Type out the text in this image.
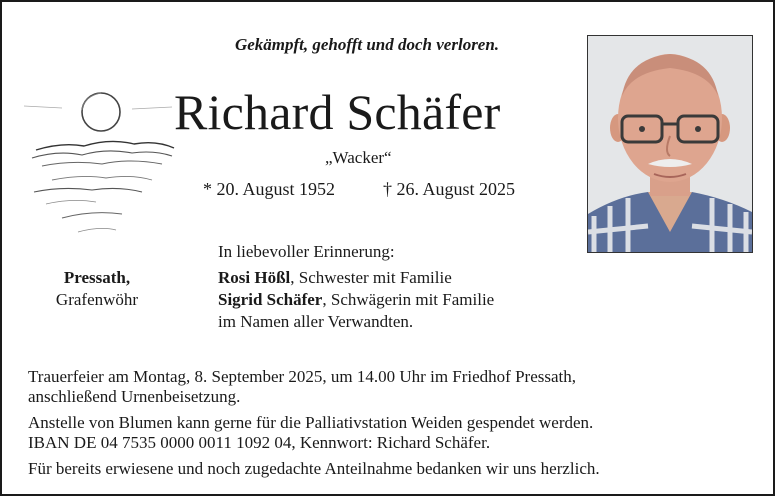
Gekämpft, gehofft und doch verloren.
Richard Schäfer
„Wacker“
* 20. August 1952	† 26. August 2025
In liebevoller Erinnerung:
Pressath,
Grafenwöhr
Rosi Hößl, Schwester mit Familie
Sigrid Schäfer, Schwägerin mit Familie
im Namen aller Verwandten.
Trauerfeier am Montag, 8. September 2025, um 14.00 Uhr im Friedhof Pressath,
anschließend Urnenbeisetzung.
Anstelle von Blumen kann gerne für die Palliativstation Weiden gespendet werden.
IBAN DE 04 7535 0000 0011 1092 04, Kennwort: Richard Schäfer.
Für bereits erwiesene und noch zugedachte Anteilnahme bedanken wir uns herzlich.
